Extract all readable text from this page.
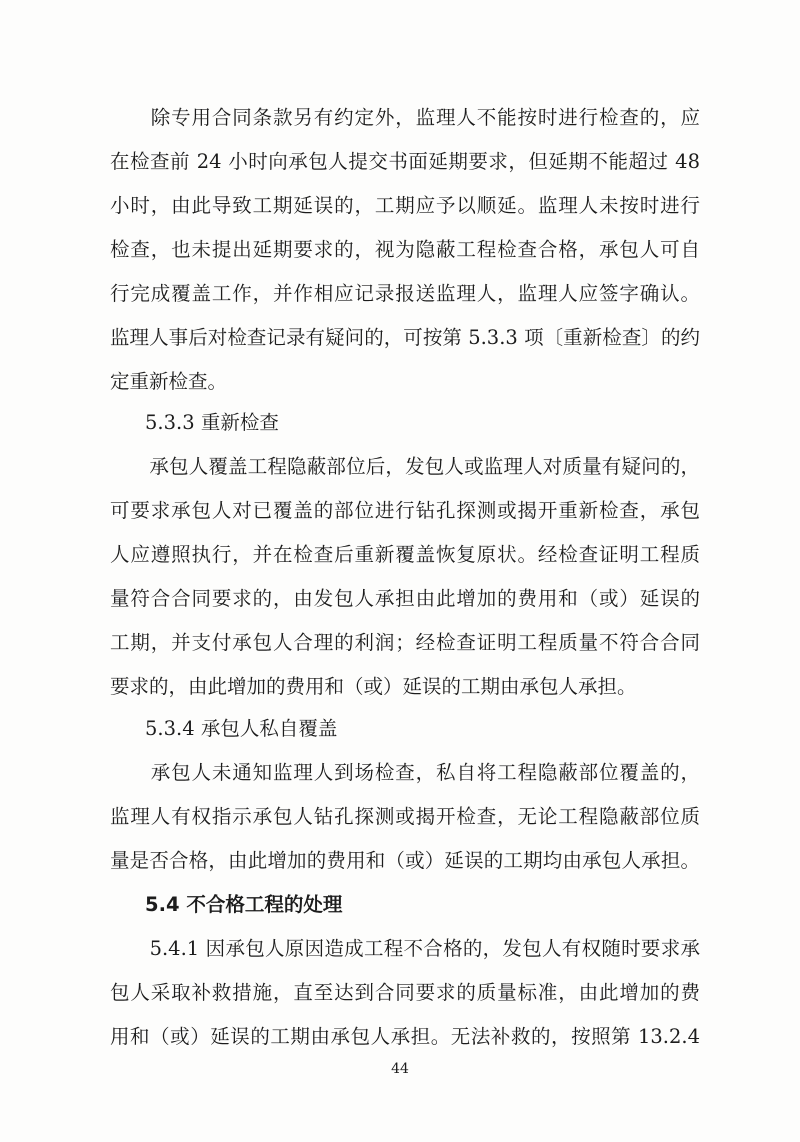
　　除专用合同条款另有约定外，监理人不能按时进行检查的，应
在检查前 24 小时向承包人提交书面延期要求，但延期不能超过 48
小时，由此导致工期延误的，工期应予以顺延。监理人未按时进行
检查，也未提出延期要求的，视为隐蔽工程检查合格，承包人可自
行完成覆盖工作，并作相应记录报送监理人，监理人应签字确认。
监理人事后对检查记录有疑问的，可按第 5.3.3 项〔重新检查〕的约
定重新检查。
5.3.3 重新检查
　　承包人覆盖工程隐蔽部位后，发包人或监理人对质量有疑问的，
可要求承包人对已覆盖的部位进行钻孔探测或揭开重新检查，承包
人应遵照执行，并在检查后重新覆盖恢复原状。经检查证明工程质
量符合合同要求的，由发包人承担由此增加的费用和（或）延误的
工期，并支付承包人合理的利润；经检查证明工程质量不符合合同
要求的，由此增加的费用和（或）延误的工期由承包人承担。
5.3.4 承包人私自覆盖
　　承包人未通知监理人到场检查，私自将工程隐蔽部位覆盖的，
监理人有权指示承包人钻孔探测或揭开检查，无论工程隐蔽部位质
量是否合格，由此增加的费用和（或）延误的工期均由承包人承担。
5.4 不合格工程的处理
　　5.4.1 因承包人原因造成工程不合格的，发包人有权随时要求承
包人采取补救措施，直至达到合同要求的质量标准，由此增加的费
用和（或）延误的工期由承包人承担。无法补救的，按照第 13.2.4
44
